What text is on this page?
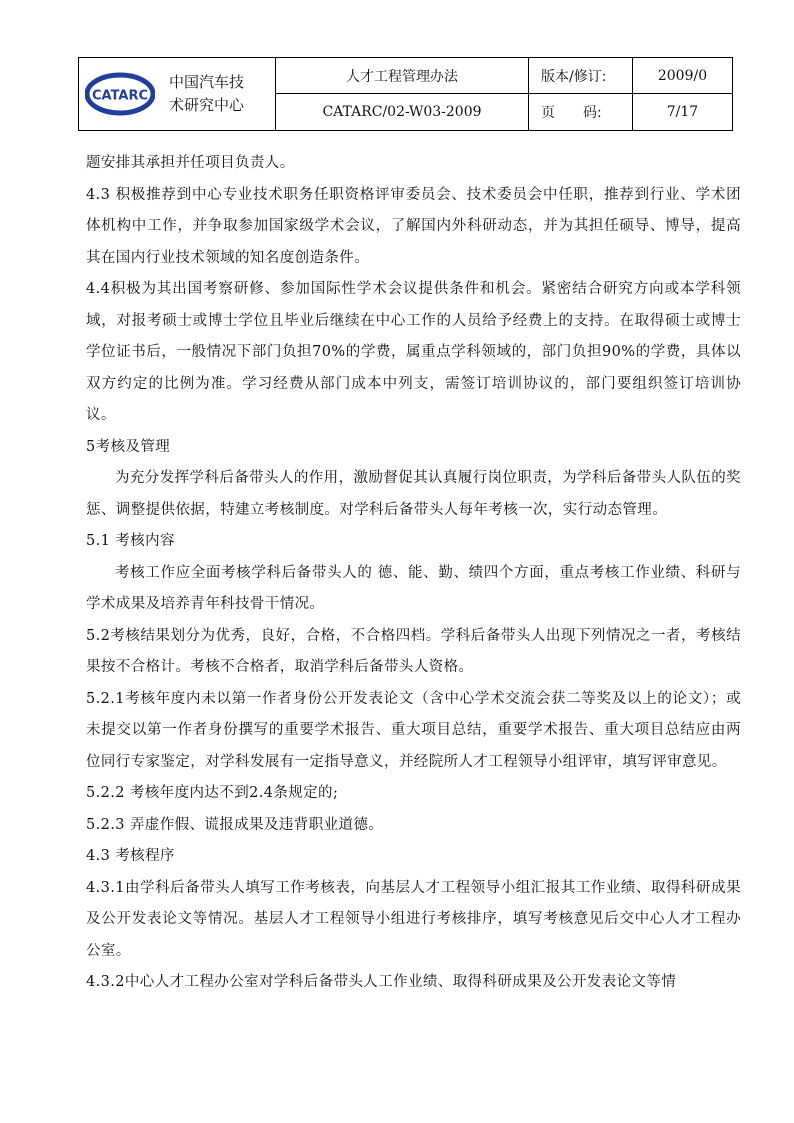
CATARC
中国汽车技
术研究中心
人才工程管理办法	版本/修订:	2009/0
CATARC/02-W03-2009	页　　码:	7/17

题安排其承担并任项目负责人。

4.3 积极推荐到中心专业技术职务任职资格评审委员会、技术委员会中任职，推荐到行业、学术团体机构中工作，并争取参加国家级学术会议，了解国内外科研动态，并为其担任硕导、博导，提高其在国内行业技术领域的知名度创造条件。

4.4积极为其出国考察研修、参加国际性学术会议提供条件和机会。紧密结合研究方向或本学科领域，对报考硕士或博士学位且毕业后继续在中心工作的人员给予经费上的支持。在取得硕士或博士学位证书后，一般情况下部门负担70%的学费，属重点学科领域的，部门负担90%的学费，具体以双方约定的比例为准。学习经费从部门成本中列支，需签订培训协议的，部门要组织签订培训协议。

5考核及管理

为充分发挥学科后备带头人的作用，激励督促其认真履行岗位职责，为学科后备带头人队伍的奖惩、调整提供依据，特建立考核制度。对学科后备带头人每年考核一次，实行动态管理。

5.1 考核内容

考核工作应全面考核学科后备带头人的 德、能、勤、绩四个方面，重点考核工作业绩、科研与学术成果及培养青年科技骨干情况。

5.2考核结果划分为优秀，良好，合格，不合格四档。学科后备带头人出现下列情况之一者，考核结果按不合格计。考核不合格者，取消学科后备带头人资格。

5.2.1考核年度内未以第一作者身份公开发表论文（含中心学术交流会获二等奖及以上的论文）；或未提交以第一作者身份撰写的重要学术报告、重大项目总结，重要学术报告、重大项目总结应由两位同行专家鉴定，对学科发展有一定指导意义，并经院所人才工程领导小组评审，填写评审意见。

5.2.2 考核年度内达不到2.4条规定的;

5.2.3 弄虚作假、谎报成果及违背职业道德。

4.3 考核程序

4.3.1由学科后备带头人填写工作考核表，向基层人才工程领导小组汇报其工作业绩、取得科研成果及公开发表论文等情况。基层人才工程领导小组进行考核排序，填写考核意见后交中心人才工程办公室。

4.3.2中心人才工程办公室对学科后备带头人工作业绩、取得科研成果及公开发表论文等情
